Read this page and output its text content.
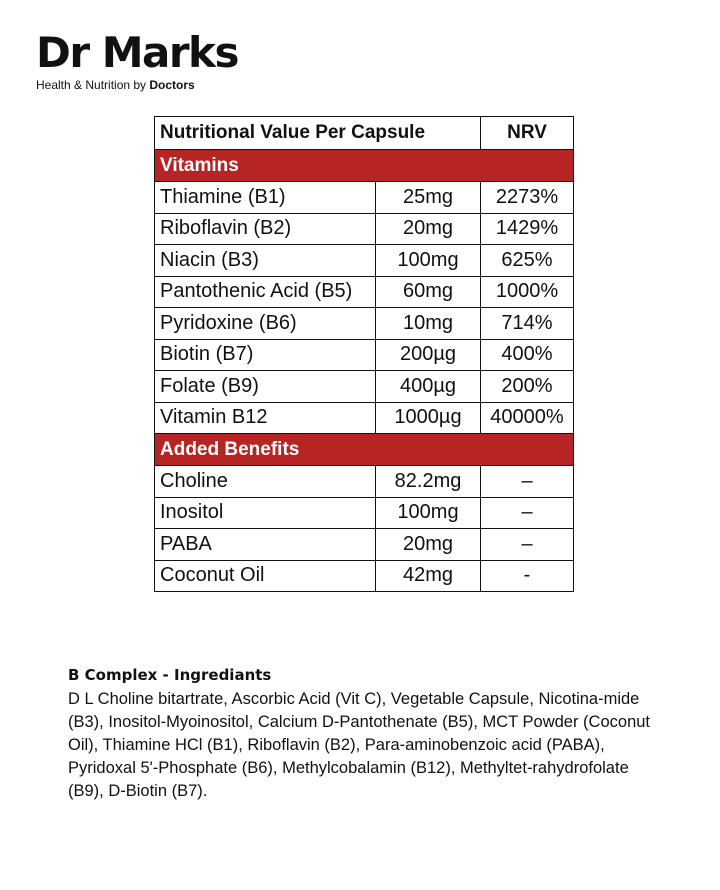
Dr Marks
Health & Nutrition by Doctors
Nutritional Value Per Capsule		NRV
Vitamins		
Thiamine (B1)	25mg	2273%
Riboflavin (B2)	20mg	1429%
Niacin (B3)	100mg	625%
Pantothenic Acid (B5)	60mg	1000%
Pyridoxine (B6)	10mg	714%
Biotin (B7)	200µg	400%
Folate (B9)	400µg	200%
Vitamin B12	1000µg	40000%
Added Benefits		
Choline	82.2mg	–
Inositol	100mg	–
PABA	20mg	–
Coconut Oil	42mg	-
B Complex - Ingrediants
D L Choline bitartrate, Ascorbic Acid (Vit C), Vegetable Capsule, Nicotina-mide (B3), Inositol-Myoinositol, Calcium D-Pantothenate (B5), MCT Powder (Coconut Oil), Thiamine HCl (B1), Riboflavin (B2), Para-aminobenzoic acid (PABA), Pyridoxal 5'-Phosphate (B6), Methylcobalamin (B12), Methyltet-rahydrofolate (B9), D-Biotin (B7).
